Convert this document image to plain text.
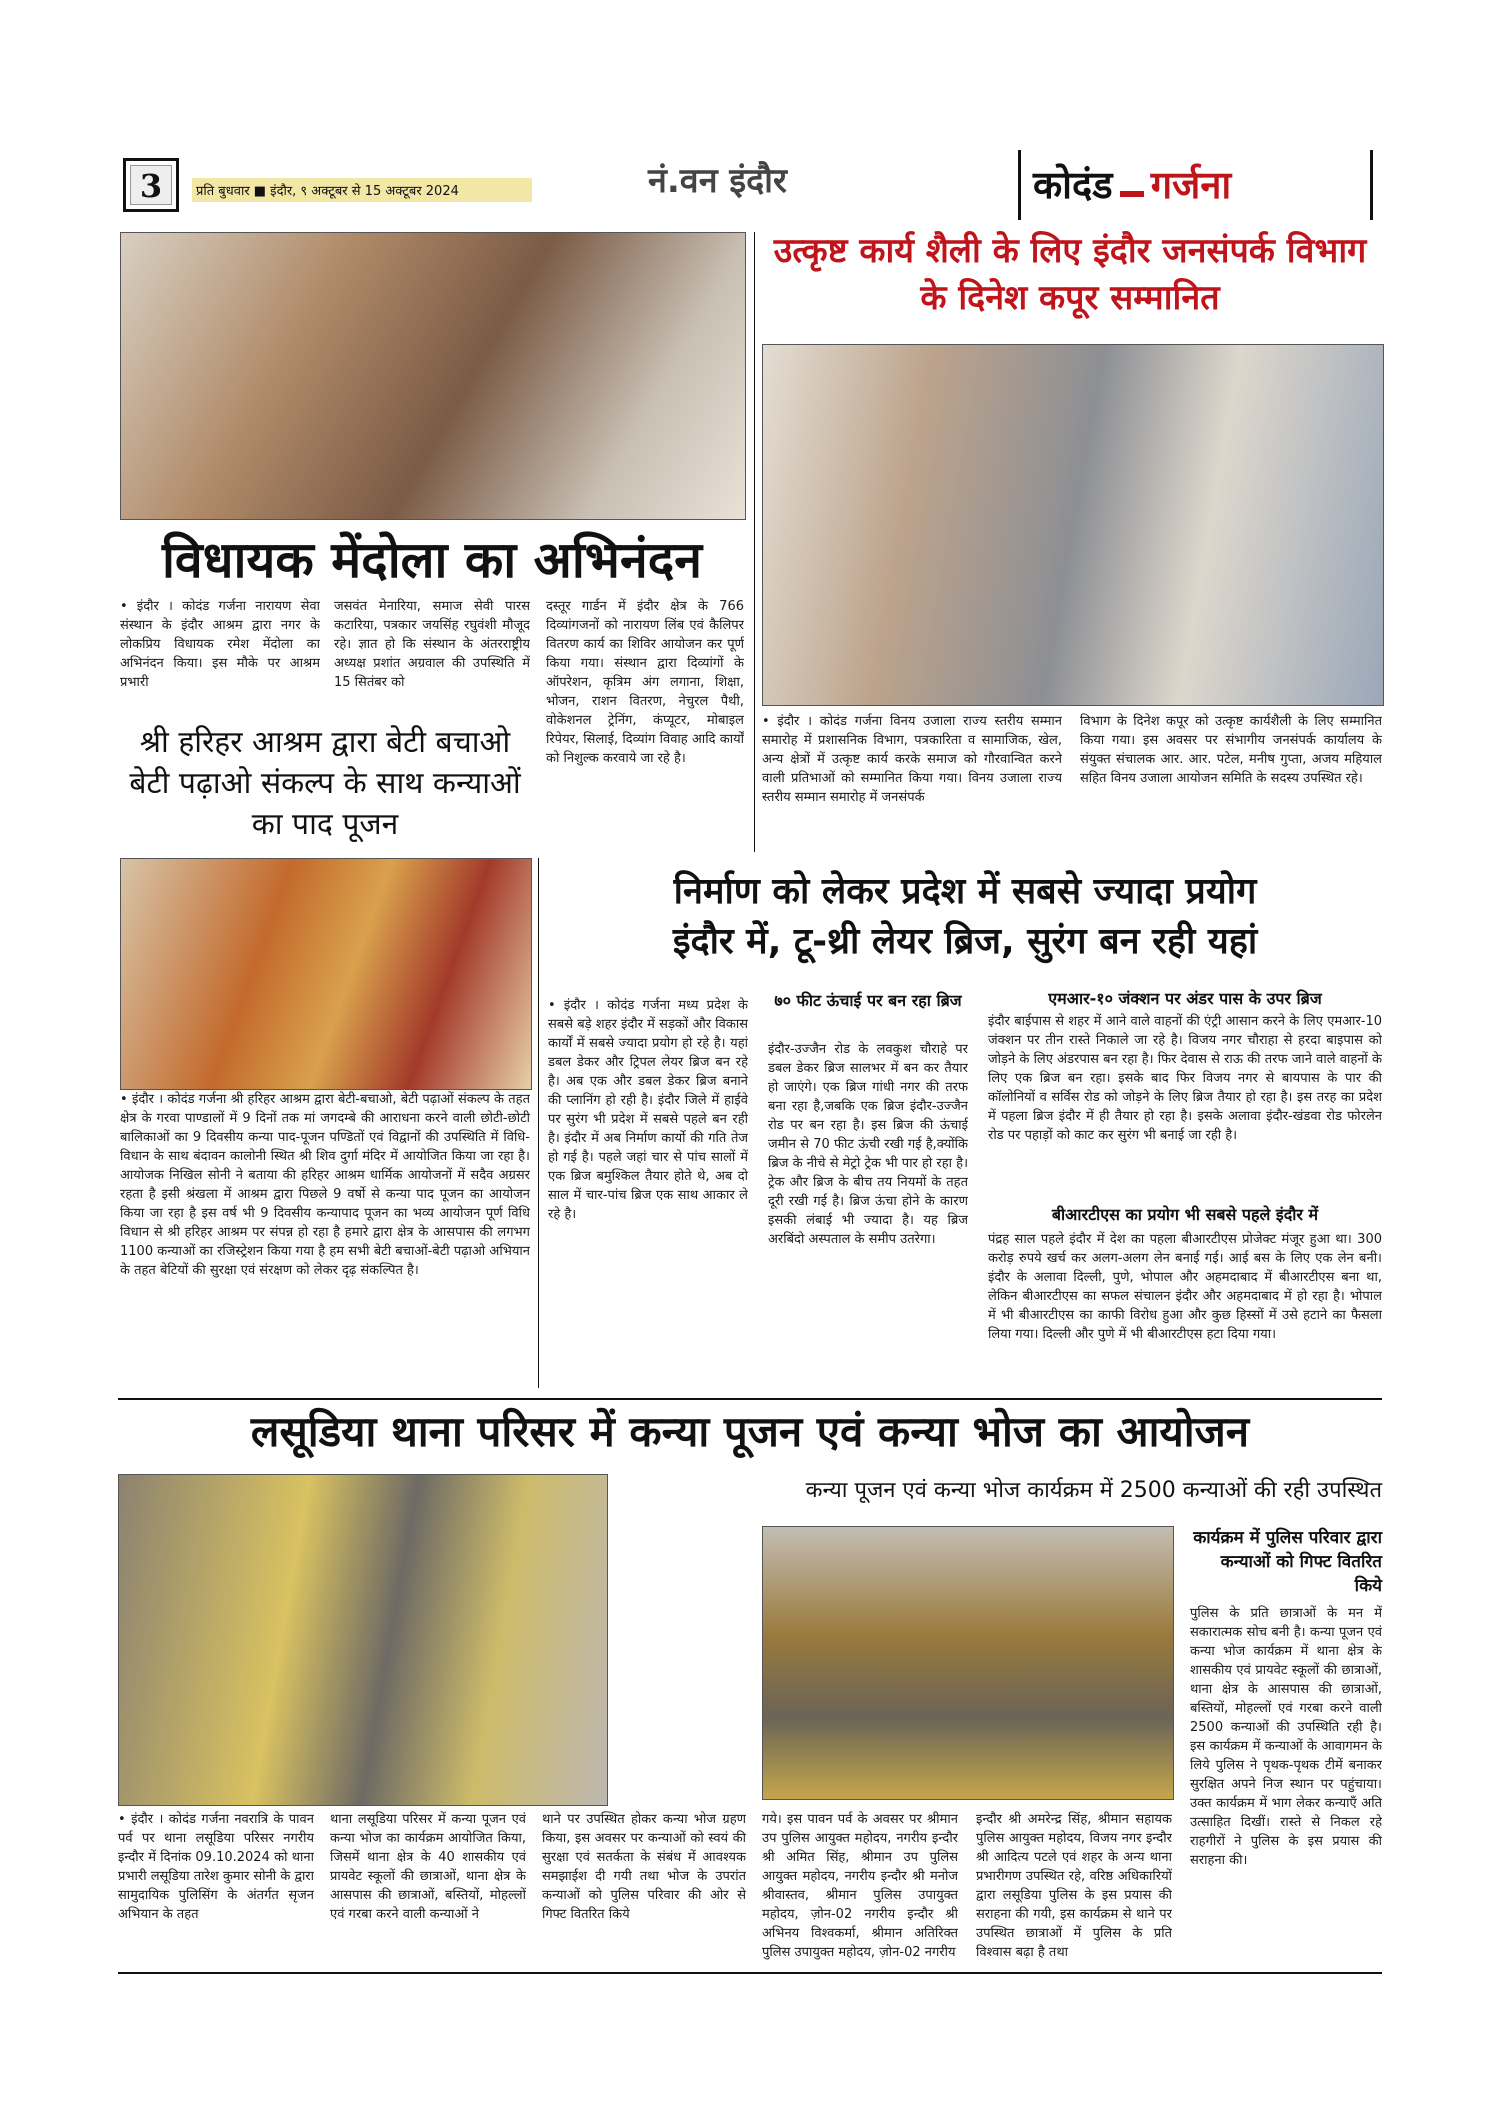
3	प्रति बुधवार ■ इंदौर, ९ अक्टूबर से 15 अक्टूबर 2024	नं.वन इंदौर	कोदंड गर्जना
विधायक मेंदोला का अभिनंदन
• इंदौर । कोदंड गर्जना नारायण सेवा संस्थान के इंदौर आश्रम द्वारा नगर के लोकप्रिय विधायक रमेश मेंदोला का अभिनंदन किया। इस मौके पर आश्रम प्रभारी
जसवंत मेनारिया, समाज सेवी पारस कटारिया, पत्रकार जयसिंह रघुवंशी मौजूद रहे। ज्ञात हो कि संस्थान के अंतरराष्ट्रीय अध्यक्ष प्रशांत अग्रवाल की उपस्थिति में 15 सितंबर को
दस्तूर गार्डन में इंदौर क्षेत्र के 766 दिव्यांगजनों को नारायण लिंब एवं कैलिपर वितरण कार्य का शिविर आयोजन कर पूर्ण किया गया। संस्थान द्वारा दिव्यांगों के ऑपरेशन, कृत्रिम अंग लगाना, शिक्षा, भोजन, राशन वितरण, नेचुरल पैथी, वोकेशनल ट्रेनिंग, कंप्यूटर, मोबाइल रिपेयर, सिलाई, दिव्यांग विवाह आदि कार्यों को निशुल्क करवाये जा रहे है।
श्री हरिहर आश्रम द्वारा बेटी बचाओ बेटी पढ़ाओ संकल्प के साथ कन्याओं का पाद पूजन
उत्कृष्ट कार्य शैली के लिए इंदौर जनसंपर्क विभाग के दिनेश कपूर सम्मानित
• इंदौर । कोदंड गर्जना विनय उजाला राज्य स्तरीय सम्मान समारोह में प्रशासनिक विभाग, पत्रकारिता व सामाजिक, खेल, अन्य क्षेत्रों में उत्कृष्ट कार्य करके समाज को गौरवान्वित करने वाली प्रतिभाओं को सम्मानित किया गया। विनय उजाला राज्य स्तरीय सम्मान समारोह में जनसंपर्क
विभाग के दिनेश कपूर को उत्कृष्ट कार्यशैली के लिए सम्मानित किया गया। इस अवसर पर संभागीय जनसंपर्क कार्यालय के संयुक्त संचालक आर. आर. पटेल, मनीष गुप्ता, अजय महियाल सहित विनय उजाला आयोजन समिति के सदस्य उपस्थित रहे।
• इंदौर । कोदंड गर्जना श्री हरिहर आश्रम द्वारा बेटी-बचाओ, बेटी पढ़ाओं संकल्प के तहत क्षेत्र के गरवा पाण्डालों में 9 दिनों तक मां जगदम्बे की आराधना करने वाली छोटी-छोटी बालिकाओं का 9 दिवसीय कन्या पाद-पूजन पण्डितों एवं विद्वानों की उपस्थिति में विधि-विधान के साथ बंदावन कालोनी स्थित श्री शिव दुर्गा मंदिर में आयोजित किया जा रहा है। आयोजक निखिल सोनी ने बताया की हरिहर आश्रम धार्मिक आयोजनों में सदैव अग्रसर रहता है इसी श्रंखला में आश्रम द्वारा पिछले 9 वर्षो से कन्या पाद पूजन का आयोजन किया जा रहा है इस वर्ष भी 9 दिवसीय कन्यापाद पूजन का भव्य आयोजन पूर्ण विधि विधान से श्री हरिहर आश्रम पर संपन्न हो रहा है हमारे द्वारा क्षेत्र के आसपास की लगभग 1100 कन्याओं का रजिस्ट्रेशन किया गया है हम सभी बेटी बचाओं-बेटी पढ़ाओ अभियान के तहत बेटियों की सुरक्षा एवं संरक्षण को लेकर दृढ़ संकल्पित है।
निर्माण को लेकर प्रदेश में सबसे ज्यादा प्रयोग
इंदौर में, टू-थ्री लेयर ब्रिज, सुरंग बन रही यहां
• इंदौर । कोदंड गर्जना मध्य प्रदेश के सबसे बड़े शहर इंदौर में सड़कों और विकास कार्यों में सबसे ज्यादा प्रयोग हो रहे है। यहां डबल डेकर और ट्रिपल लेयर ब्रिज बन रहे है। अब एक और डबल डेकर ब्रिज बनाने की प्लानिंग हो रही है। इंदौर जिले में हाईवे पर सुरंग भी प्रदेश में सबसे पहले बन रही है। इंदौर में अब निर्माण कार्यो की गति तेज हो गई है। पहले जहां चार से पांच सालों में एक ब्रिज बमुश्किल तैयार होते थे, अब दो साल में चार-पांच ब्रिज एक साथ आकार ले रहे है।
७० फीट ऊंचाई पर बन रहा ब्रिज
इंदौर-उज्जैन रोड के लवकुश चौराहे पर डबल डेकर ब्रिज सालभर में बन कर तैयार हो जाएंगे। एक ब्रिज गांधी नगर की तरफ बना रहा है,जबकि एक ब्रिज इंदौर-उज्जैन रोड पर बन रहा है। इस ब्रिज की ऊंचाई जमीन से 70 फीट ऊंची रखी गई है,क्योंकि ब्रिज के नीचे से मेट्रो ट्रेक भी पार हो रहा है। ट्रेक और ब्रिज के बीच तय नियमों के तहत दूरी रखी गई है। ब्रिज ऊंचा होने के कारण इसकी लंबाई भी ज्यादा है। यह ब्रिज अरबिंदो अस्पताल के समीप उतरेगा।
एमआर-१० जंक्शन पर अंडर पास के उपर ब्रिज
इंदौर बाईपास से शहर में आने वाले वाहनों की एंट्री आसान करने के लिए एमआर-10 जंक्शन पर तीन रास्ते निकाले जा रहे है। विजय नगर चौराहा से हरदा बाइपास को जोड़ने के लिए अंडरपास बन रहा है। फिर देवास से राऊ की तरफ जाने वाले वाहनों के लिए एक ब्रिज बन रहा। इसके बाद फिर विजय नगर से बायपास के पार की कॉलोनियों व सर्विस रोड को जोड़ने के लिए ब्रिज तैयार हो रहा है। इस तरह का प्रदेश में पहला ब्रिज इंदौर में ही तैयार हो रहा है। इसके अलावा इंदौर-खंडवा रोड फोरलेन रोड पर पहाड़ों को काट कर सुरंग भी बनाई जा रही है।
बीआरटीएस का प्रयोग भी सबसे पहले इंदौर में
पंद्रह साल पहले इंदौर में देश का पहला बीआरटीएस प्रोजेक्ट मंजूर हुआ था। 300 करोड़ रुपये खर्च कर अलग-अलग लेन बनाई गई। आई बस के लिए एक लेन बनी। इंदौर के अलावा दिल्ली, पुणे, भोपाल और अहमदाबाद में बीआरटीएस बना था, लेकिन बीआरटीएस का सफल संचालन इंदौर और अहमदाबाद में हो रहा है। भोपाल में भी बीआरटीएस का काफी विरोध हुआ और कुछ हिस्सों में उसे हटाने का फैसला लिया गया। दिल्ली और पुणे में भी बीआरटीएस हटा दिया गया।
लसूडिया थाना परिसर में कन्या पूजन एवं कन्या भोज का आयोजन
कन्या पूजन एवं कन्या भोज कार्यक्रम में 2500 कन्याओं की रही उपस्थित
कार्यक्रम में पुलिस परिवार द्वारा कन्याओं को गिफ्ट वितरित किये
पुलिस के प्रति छात्राओं के मन में सकारात्मक सोच बनी है। कन्या पूजन एवं कन्या भोज कार्यक्रम में थाना क्षेत्र के शासकीय एवं प्रायवेट स्कूलों की छात्राओं, थाना क्षेत्र के आसपास की छात्राओं, बस्तियों, मोहल्लों एवं गरबा करने वाली 2500 कन्याओं की उपस्थिति रही है। इस कार्यक्रम में कन्याओं के आवागमन के लिये पुलिस ने पृथक-पृथक टीमें बनाकर सुरक्षित अपने निज स्थान पर पहुंचाया। उक्त कार्यक्रम में भाग लेकर कन्याएँ अति उत्साहित दिखीं। रास्ते से निकल रहे राहगीरों ने पुलिस के इस प्रयास की सराहना की।
• इंदौर । कोदंड गर्जना नवरात्रि के पावन पर्व पर थाना लसूडिया परिसर नगरीय इन्दौर में दिनांक 09.10.2024 को थाना प्रभारी लसूडिया तारेश कुमार सोनी के द्वारा सामुदायिक पुलिसिंग के अंतर्गत सृजन अभियान के तहत
थाना लसूडिया परिसर में कन्या पूजन एवं कन्या भोज का कार्यक्रम आयोजित किया, जिसमें थाना क्षेत्र के 40 शासकीय एवं प्रायवेट स्कूलों की छात्राओं, थाना क्षेत्र के आसपास की छात्राओं, बस्तियों, मोहल्लों एवं गरबा करने वाली कन्याओं ने
थाने पर उपस्थित होकर कन्या भोज ग्रहण किया, इस अवसर पर कन्याओं को स्वयं की सुरक्षा एवं सतर्कता के संबंध में आवश्यक समझाईश दी गयी तथा भोज के उपरांत कन्याओं को पुलिस परिवार की ओर से गिफ्ट वितरित किये
गये। इस पावन पर्व के अवसर पर श्रीमान उप पुलिस आयुक्त महोदय, नगरीय इन्दौर श्री अमित सिंह, श्रीमान उप पुलिस आयुक्त महोदय, नगरीय इन्दौर श्री मनोज श्रीवास्तव, श्रीमान पुलिस उपायुक्त महोदय, ज़ोन-02 नगरीय इन्दौर श्री अभिनय विश्वकर्मा, श्रीमान अतिरिक्त पुलिस उपायुक्त महोदय, ज़ोन-02 नगरीय
इन्दौर श्री अमरेन्द्र सिंह, श्रीमान सहायक पुलिस आयुक्त महोदय, विजय नगर इन्दौर श्री आदित्य पटले एवं शहर के अन्य थाना प्रभारीगण उपस्थित रहे, वरिष्ठ अधिकारियों द्वारा लसूडिया पुलिस के इस प्रयास की सराहना की गयी, इस कार्यक्रम से थाने पर उपस्थित छात्राओं में पुलिस के प्रति विश्वास बढ़ा है तथा
